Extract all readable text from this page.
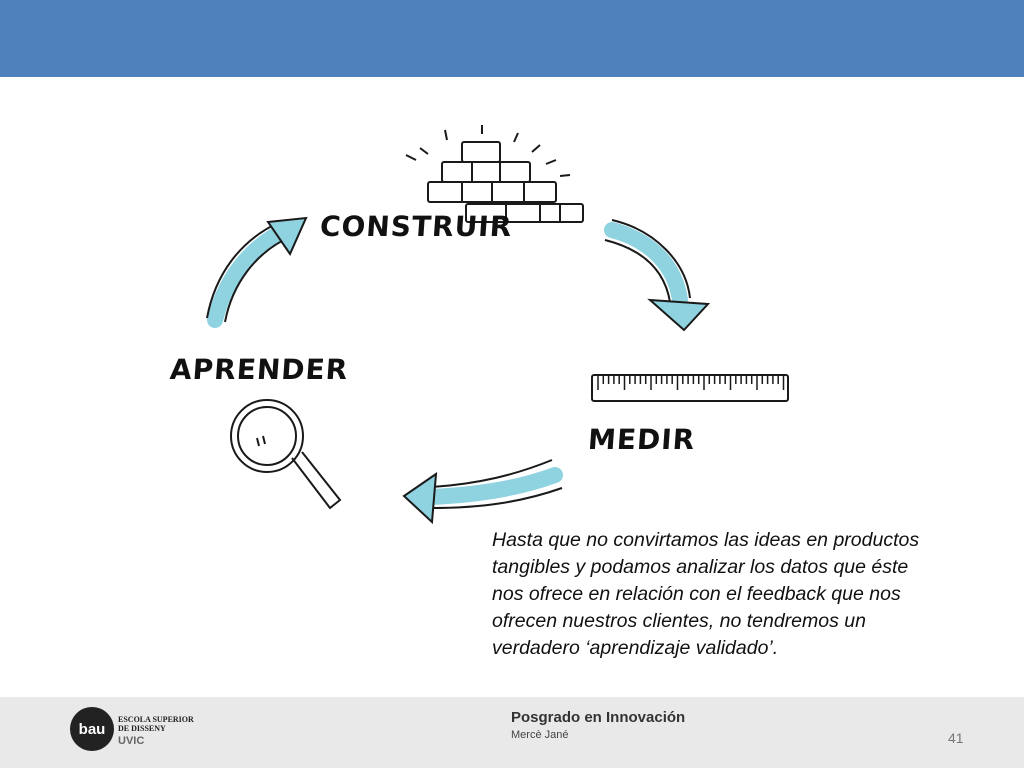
CONSTRUIR
MEDIR
APRENDER
Hasta que no convirtamos las ideas en productos tangibles y podamos analizar los datos que éste nos ofrece en relación con el feedback que nos ofrecen nuestros clientes, no tendremos un verdadero ‘aprendizaje validado’.
bau
ESCOLA SUPERIOR
DE DISSENY
UVIC
Posgrado en Innovación
Mercè Jané	41
